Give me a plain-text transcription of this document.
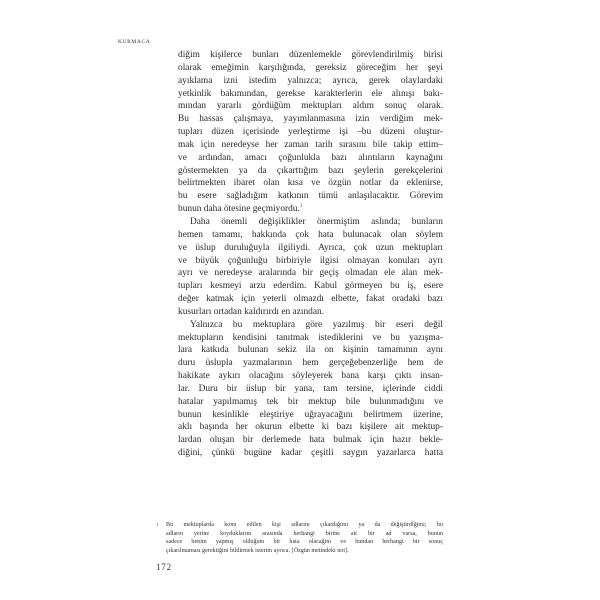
KURMACA
diğim kişilerce bunları düzenlemekle görevlendirilmiş birisi
olarak emeğimin karşılığında, gereksiz göreceğim her şeyi
ayıklama izni istedim yalnızca; ayrıca, gerek olaylardaki
yetkinlik bakımından, gerekse karakterlerin ele alınışı bakı-
mından yararlı gördüğüm mektupları aldım sonuç olarak.
Bu hassas çalışmaya, yayımlanmasına izin verdiğim mek-
tupları düzen içerisinde yerleştirme işi –bu düzeni oluştur-
mak için neredeyse her zaman tarih sırasını bile takip ettim–
ve ardından, amacı çoğunlukla bazı alıntıların kaynağını
göstermekten ya da çıkarttığım bazı şeylerin gerekçelerini
belirtmekten ibaret olan kısa ve özgün notlar da eklenirse,
bu esere sağladığım katkının tümü anlaşılacaktır. Görevim
bunun daha ötesine geçmiyordu.$^1$
Daha önemli değişiklikler önermiştim aslında; bunların
hemen tamamı, hakkında çok hata bulunacak olan söylem
ve üslup duruluğuyla ilgiliydi. Ayrıca, çok uzun mektupları
ve büyük çoğunluğu birbiriyle ilgisi olmayan konuları ayrı
ayrı ve neredeyse aralarında bir geçiş olmadan ele alan mek-
tupları kesmeyi arzu ederdim. Kabul görmeyen bu iş, esere
değer katmak için yeterli olmazdı elbette, fakat oradaki bazı
kusurları ortadan kaldırırdı en azından.
Yalnızca bu mektuplara göre yazılmış bir eseri değil
mektupların kendisini tanıtmak istediklerini ve bu yazışma-
lara katkıda bulunan sekiz ila on kişinin tamamının aynı
duru üslupla yazmalarının hem gerçeğebenzerliğe hem de
hakikate aykırı olacağını söyleyerek bana karşı çıktı insan-
lar. Duru bir üslup bir yana, tam tersine, içlerinde ciddi
hatalar yapılmamış tek bir mektup bile bulunmadığını ve
bunun kesinlikle eleştiriye uğrayacağını belirtmem üzerine,
aklı başında her okurun elbette ki bazı kişilere ait mektup-
lardan oluşan bir derlemede hata bulmak için hazır bekle-
diğini, çünkü bugüne kadar çeşitli saygın yazarlarca hatta
1 Bu mektuplarda konu edilen kişi adlarını çıkardığımı ya da değiştirdiğimi; bu
adların yerine koyduklarım arasında herhangi birine ait bir ad varsa, bunun
sadece benim yapmış olduğum bir hata olacağını ve bundan herhangi bir sonuç
çıkarılmaması gerektiğini bildirmek isterim ayrıca. [Özgün metindeki not].
172
